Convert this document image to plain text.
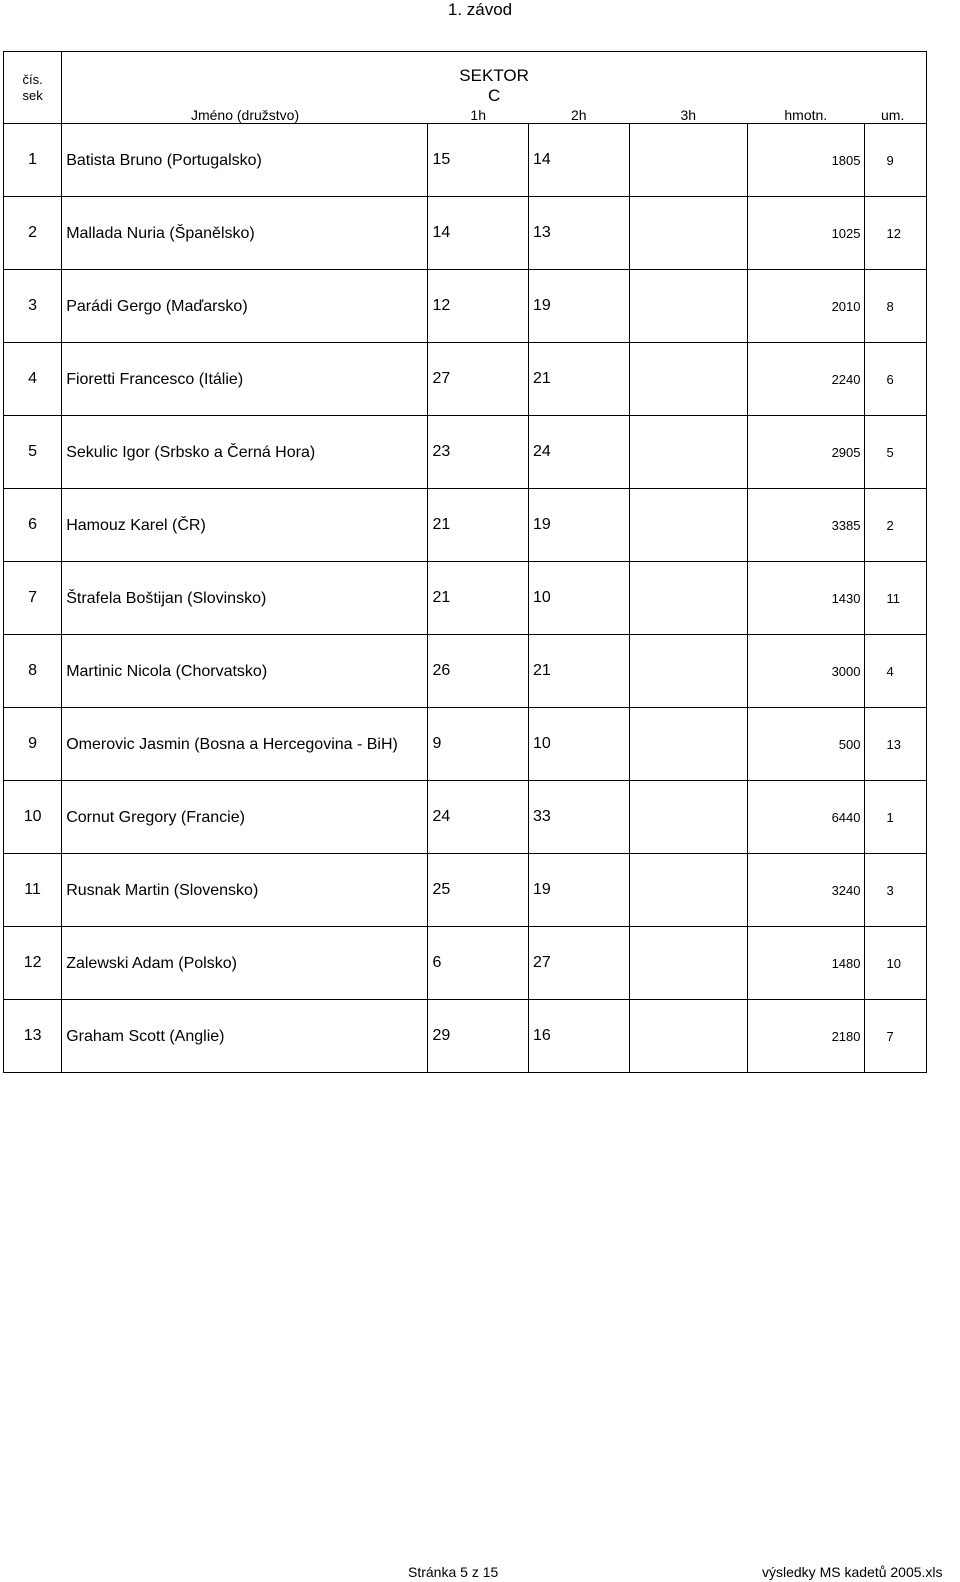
1. závod
čís.
sek	SEKTOR
C					

	Jméno (družstvo)	1h	2h	3h	hmotn.	um.
1	Batista Bruno (Portugalsko)	15	14		1805	9
2	Mallada Nuria (Španělsko)	14	13		1025	12
3	Parádi Gergo (Maďarsko)	12	19		2010	8
4	Fioretti Francesco (Itálie)	27	21		2240	6
5	Sekulic Igor (Srbsko a Černá Hora)	23	24		2905	5
6	Hamouz Karel (ČR)	21	19		3385	2
7	Štrafela Boštijan (Slovinsko)	21	10		1430	11
8	Martinic Nicola (Chorvatsko)	26	21		3000	4
9	Omerovic Jasmin (Bosna a Hercegovina - BiH)	9	10		500	13
10	Cornut Gregory (Francie)	24	33		6440	1
11	Rusnak Martin (Slovensko)	25	19		3240	3
12	Zalewski Adam (Polsko)	6	27		1480	10
13	Graham Scott (Anglie)	29	16		2180	7
Stránka 5 z 15	výsledky MS kadetů 2005.xls
